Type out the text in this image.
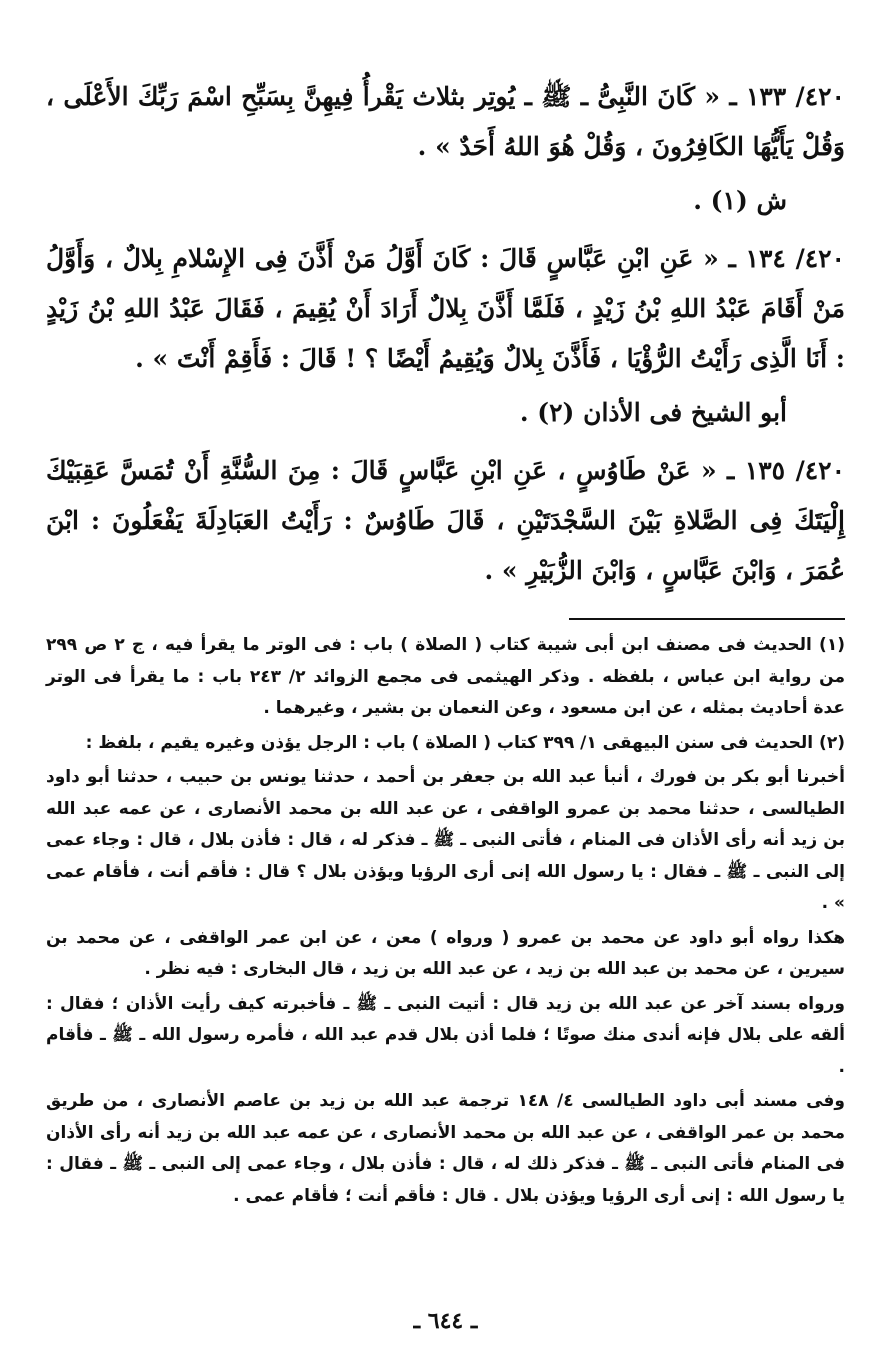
٤٢٠/ ١٣٣ ـ « كَانَ النَّبِىُّ ـ ﷺ ـ يُوتِر بثلاث يَقْرأُ فِيهِنَّ بِسَبِّحِ اسْمَ رَبِّكَ الأَعْلَى ، وَقُلْ يَأَيُّهَا الكَافِرُونَ ، وَقُلْ هُوَ اللهُ أَحَدٌ » .

ش (١) .

٤٢٠/ ١٣٤ ـ « عَنِ ابْنِ عَبَّاسٍ قَالَ : كَانَ أَوَّلُ مَنْ أَذَّنَ فِى الإِسْلامِ بِلالٌ ، وَأَوَّلُ مَنْ أَقَامَ عَبْدُ اللهِ بْنُ زَيْدٍ ، فَلَمَّا أَذَّنَ بِلالٌ أَرَادَ أَنْ يُقِيمَ ، فَقَالَ عَبْدُ اللهِ بْنُ زَيْدٍ : أَنَا الَّذِى رَأَيْتُ الرُّؤْيَا ، فَأَذَّنَ بِلالٌ وَيُقِيمُ أَيْضًا ؟ ! قَالَ : فَأَقِمْ أَنْتَ » .

أبو الشيخ فى الأذان (٢) .

٤٢٠/ ١٣٥ ـ « عَنْ طَاوُسٍ ، عَنِ ابْنِ عَبَّاسٍ قَالَ : مِنَ السُّنَّةِ أَنْ تُمَسَّ عَقِبَيْكَ إِلْيَتَكَ فِى الصَّلاةِ بَيْنَ السَّجْدَتَيْنِ ، قَالَ طَاوُسٌ : رَأَيْتُ العَبَادِلَةَ يَفْعَلُونَ : ابْنَ عُمَرَ ، وَابْنَ عَبَّاسٍ ، وَابْنَ الزُّبَيْرِ » .

(١) الحديث فى مصنف ابن أبى شيبة كتاب ( الصلاة ) باب : فى الوتر ما يقرأ فيه ، ج ٢ ص ٢٩٩ من رواية ابن عباس ، بلفظه . وذكر الهيثمى فى مجمع الزوائد ٢/ ٢٤٣ باب : ما يقرأ فى الوتر عدة أحاديث بمثله ، عن ابن مسعود ، وعن النعمان بن بشير ، وغيرهما .

(٢) الحديث فى سنن البيهقى ١/ ٣٩٩ كتاب ( الصلاة ) باب : الرجل يؤذن وغيره يقيم ، بلفظ :

أخبرنا أبو بكر بن فورك ، أنبأ عبد الله بن جعفر بن أحمد ، حدثنا يونس بن حبيب ، حدثنا أبو داود الطيالسى ، حدثنا محمد بن عمرو الواقفى ، عن عبد الله بن محمد الأنصارى ، عن عمه عبد الله بن زيد أنه رأى الأذان فى المنام ، فأتى النبى ـ ﷺ ـ فذكر له ، قال : فأذن بلال ، قال : وجاء عمى إلى النبى ـ ﷺ ـ فقال : يا رسول الله إنى أرى الرؤيا ويؤذن بلال ؟ قال : فأقم أنت ، فأقام عمى » .

هكذا رواه أبو داود عن محمد بن عمرو ( ورواه ) معن ، عن ابن عمر الواقفى ، عن محمد بن سيرين ، عن محمد بن عبد الله بن زيد ، عن عبد الله بن زيد ، قال البخارى : فيه نظر .

ورواه بسند آخر عن عبد الله بن زيد قال : أتيت النبى ـ ﷺ ـ فأخبرته كيف رأيت الأذان ؛ فقال : ألقه على بلال فإنه أندى منك صوتًا ؛ فلما أذن بلال قدم عبد الله ، فأمره رسول الله ـ ﷺ ـ فأقام .

وفى مسند أبى داود الطيالسى ٤/ ١٤٨ ترجمة عبد الله بن زيد بن عاصم الأنصارى ، من طريق محمد بن عمر الواقفى ، عن عبد الله بن محمد الأنصارى ، عن عمه عبد الله بن زيد أنه رأى الأذان فى المنام فأتى النبى ـ ﷺ ـ فذكر ذلك له ، قال : فأذن بلال ، وجاء عمى إلى النبى ـ ﷺ ـ فقال : يا رسول الله : إنى أرى الرؤيا ويؤذن بلال . قال : فأقم أنت ؛ فأقام عمى .

ـ ٦٤٤ ـ
